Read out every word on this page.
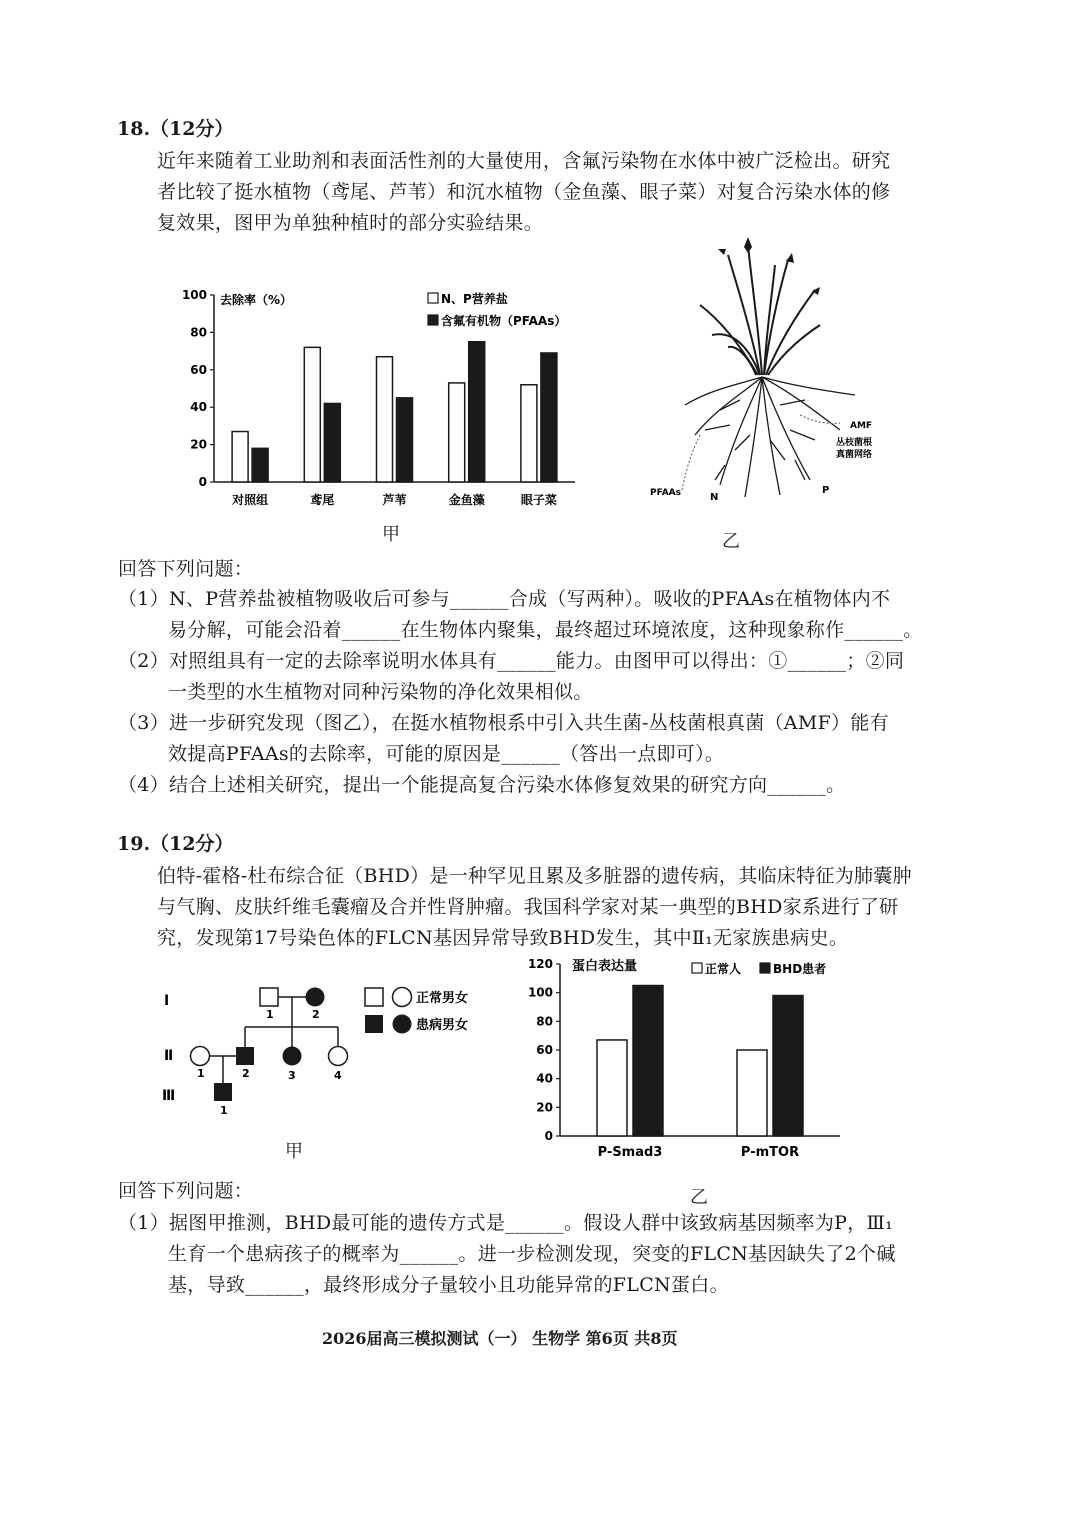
18.（12分）
近年来随着工业助剂和表面活性剂的大量使用，含氟污染物在水体中被广泛检出。研究
者比较了挺水植物（鸢尾、芦苇）和沉水植物（金鱼藻、眼子菜）对复合污染水体的修
复效果，图甲为单独种植时的部分实验结果。
0
20
40
60
80
100 去除率（%）
对照组	鸢尾	芦苇	金鱼藻	眼子菜
N、P营养盐
含氟有机物（PFAAs）
甲
AMF
丛枝菌根
真菌网络
PFAAs	N
P
乙
回答下列问题：
（1）N、P营养盐被植物吸收后可参与______合成（写两种）。吸收的PFAAs在植物体内不
易分解，可能会沿着______在生物体内聚集，最终超过环境浓度，这种现象称作______。
（2）对照组具有一定的去除率说明水体具有______能力。由图甲可以得出：①______；②同
一类型的水生植物对同种污染物的净化效果相似。
（3）进一步研究发现（图乙），在挺水植物根系中引入共生菌-丛枝菌根真菌（AMF）能有
效提高PFAAs的去除率，可能的原因是______（答出一点即可）。
（4）结合上述相关研究，提出一个能提高复合污染水体修复效果的研究方向______。
19.（12分）
伯特-霍格-杜布综合征（BHD）是一种罕见且累及多脏器的遗传病，其临床特征为肺囊肿
与气胸、皮肤纤维毛囊瘤及合并性肾肿瘤。我国科学家对某一典型的BHD家系进行了研
究，发现第17号染色体的FLCN基因异常导致BHD发生，其中Ⅱ₁无家族患病史。
Ⅰ
Ⅱ
Ⅲ
1	2
1	2	3	4
1
正常男女
患病男女
甲
0
20
40
60
80
100
120 蛋白表达量
P-Smad3	P-mTOR
正常人	BHD患者
乙
回答下列问题：
（1）据图甲推测，BHD最可能的遗传方式是______。假设人群中该致病基因频率为P，Ⅲ₁
生育一个患病孩子的概率为______。进一步检测发现，突变的FLCN基因缺失了2个碱
基，导致______，最终形成分子量较小且功能异常的FLCN蛋白。
2026届高三模拟测试（一） 生物学 第6页 共8页
